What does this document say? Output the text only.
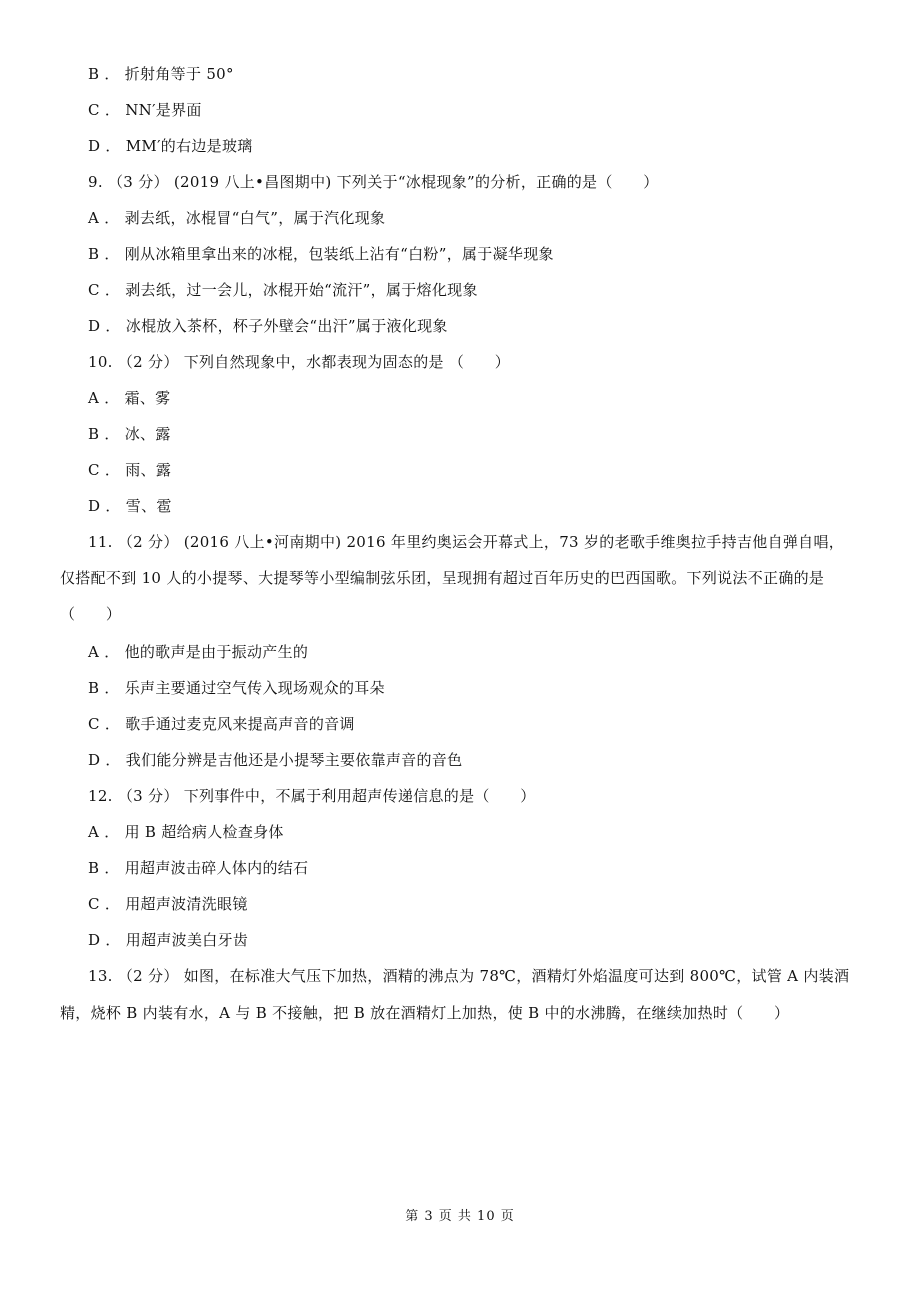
B ． 折射角等于 50°
C ． NN′是界面
D ． MM′的右边是玻璃
9. （3 分） (2019 八上•昌图期中) 下列关于“冰棍现象”的分析，正确的是（　　）
A ． 剥去纸，冰棍冒“白气”，属于汽化现象
B ． 刚从冰箱里拿出来的冰棍，包装纸上沾有“白粉”，属于凝华现象
C ． 剥去纸，过一会儿，冰棍开始“流汗”，属于熔化现象
D ． 冰棍放入茶杯，杯子外壁会“出汗”属于液化现象
10. （2 分） 下列自然现象中，水都表现为固态的是 （　　）
A ． 霜、雾
B ． 冰、露
C ． 雨、露
D ． 雪、雹
11. （2 分） (2016 八上•河南期中) 2016 年里约奥运会开幕式上，73 岁的老歌手维奥拉手持吉他自弹自唱，
仅搭配不到 10 人的小提琴、大提琴等小型编制弦乐团，呈现拥有超过百年历史的巴西国歌。下列说法不正确的是
（　　）
A ． 他的歌声是由于振动产生的
B ． 乐声主要通过空气传入现场观众的耳朵
C ． 歌手通过麦克风来提高声音的音调
D ． 我们能分辨是吉他还是小提琴主要依靠声音的音色
12. （3 分） 下列事件中，不属于利用超声传递信息的是（　　）
A ． 用 B 超给病人检查身体
B ． 用超声波击碎人体内的结石
C ． 用超声波清洗眼镜
D ． 用超声波美白牙齿
13. （2 分） 如图，在标准大气压下加热，酒精的沸点为 78℃，酒精灯外焰温度可达到 800℃，试管 A 内装酒
精，烧杯 B 内装有水，A 与 B 不接触，把 B 放在酒精灯上加热，使 B 中的水沸腾，在继续加热时（　　）
第 3 页 共 10 页
